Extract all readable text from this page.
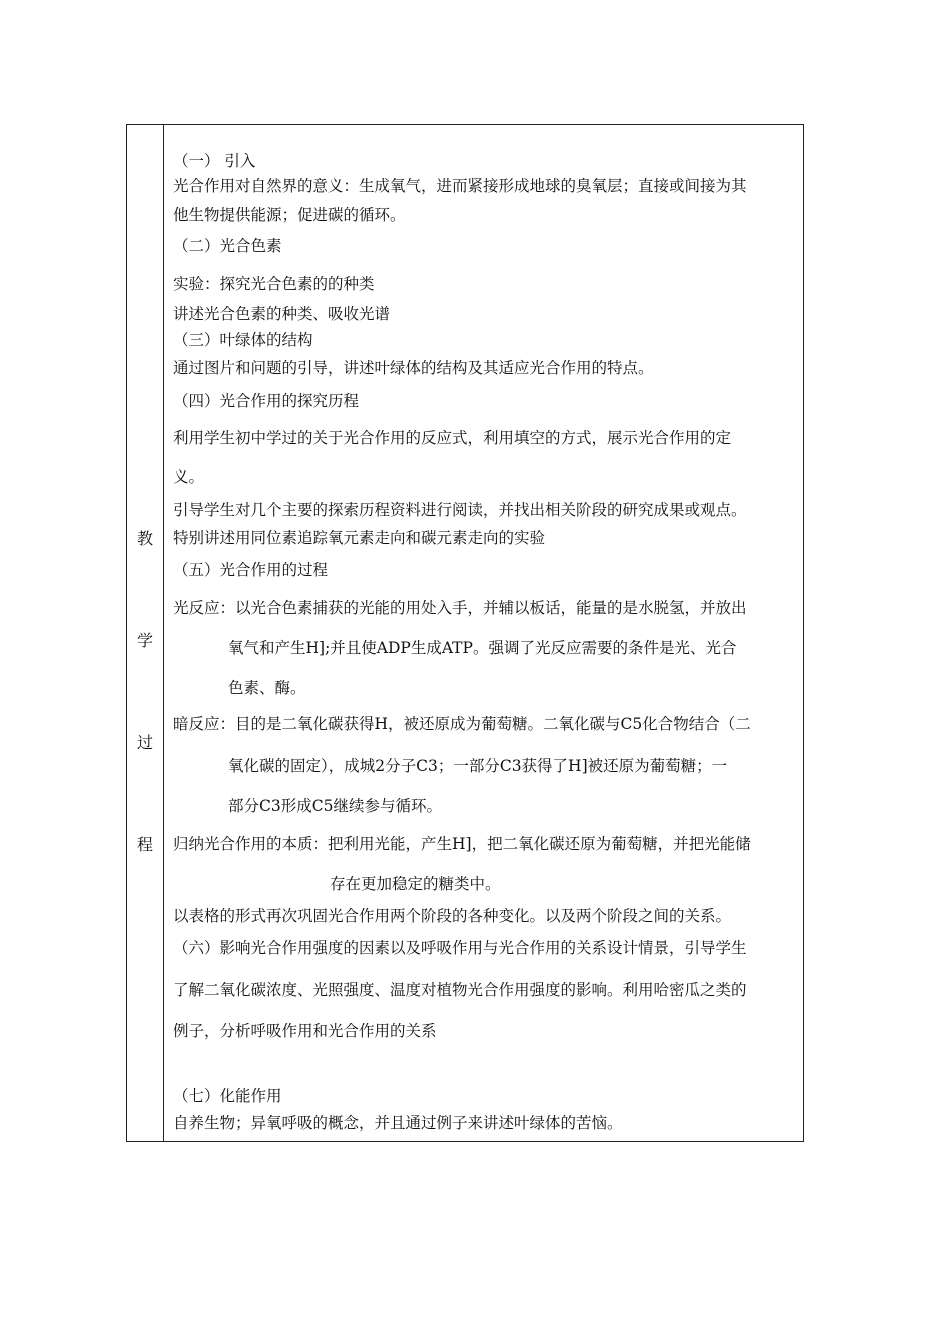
教
学
过
程
（一） 引入
光合作用对自然界的意义：生成氧气，进而紧接形成地球的臭氧层；直接或间接为其
他生物提供能源；促进碳的循环。
（二）光合色素
实验：探究光合色素的的种类
讲述光合色素的种类、吸收光谱
（三）叶绿体的结构
通过图片和问题的引导，讲述叶绿体的结构及其适应光合作用的特点。
（四）光合作用的探究历程
利用学生初中学过的关于光合作用的反应式，利用填空的方式，展示光合作用的定
义。
引导学生对几个主要的探索历程资料进行阅读，并找出相关阶段的研究成果或观点。
特别讲述用同位素追踪氧元素走向和碳元素走向的实验
（五）光合作用的过程
光反应：以光合色素捕获的光能的用处入手，并辅以板话，能量的是水脱氢，并放出
氧气和产生H];并且使ADP生成ATP。强调了光反应需要的条件是光、光合
色素、酶。
暗反应：目的是二氧化碳获得H，被还原成为葡萄糖。二氧化碳与C5化合物结合（二
氧化碳的固定），成城2分子C3；一部分C3获得了H]被还原为葡萄糖；一
部分C3形成C5继续参与循环。
归纳光合作用的本质：把利用光能，产生H]，把二氧化碳还原为葡萄糖，并把光能储
存在更加稳定的糖类中。
以表格的形式再次巩固光合作用两个阶段的各种变化。以及两个阶段之间的关系。
（六）影响光合作用强度的因素以及呼吸作用与光合作用的关系设计情景，引导学生
了解二氧化碳浓度、光照强度、温度对植物光合作用强度的影响。利用哈密瓜之类的
例子，分析呼吸作用和光合作用的关系
（七）化能作用
自养生物；异氧呼吸的概念，并且通过例子来讲述叶绿体的苦恼。
